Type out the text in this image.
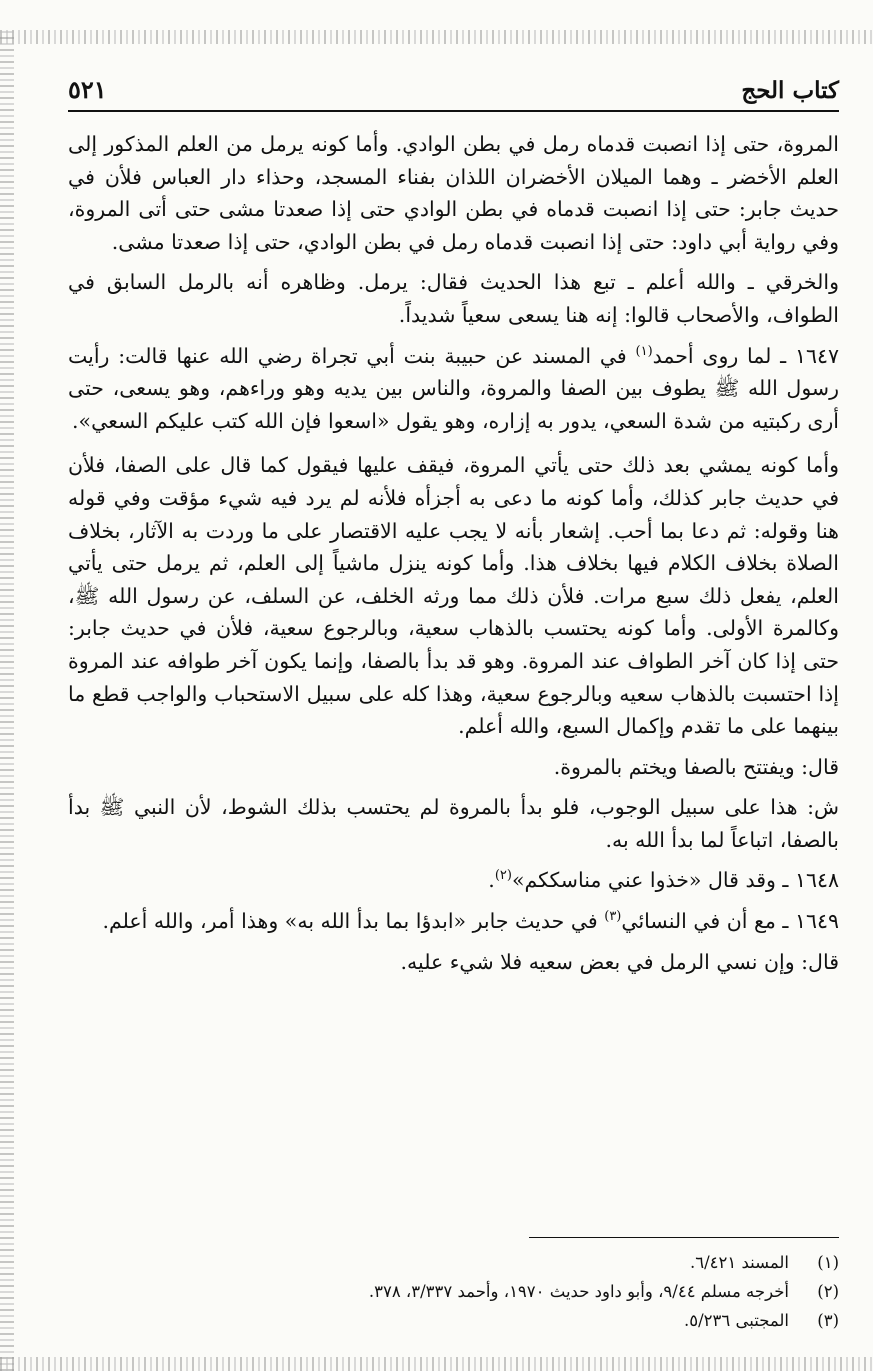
كتاب الحج
٥٢١

المروة، حتى إذا انصبت قدماه رمل في بطن الوادي. وأما كونه يرمل من العلم المذكور إلى العلم الأخضر ـ وهما الميلان الأخضران اللذان بفناء المسجد، وحذاء دار العباس فلأن في حديث جابر: حتى إذا انصبت قدماه في بطن الوادي حتى إذا صعدتا مشى حتى أتى المروة، وفي رواية أبي داود: حتى إذا انصبت قدماه رمل في بطن الوادي، حتى إذا صعدتا مشى.

والخرقي ـ والله أعلم ـ تبع هذا الحديث فقال: يرمل. وظاهره أنه بالرمل السابق في الطواف، والأصحاب قالوا: إنه هنا يسعى سعياً شديداً.

١٦٤٧ ـ لما روى أحمد$^{(١)}$ في المسند عن حبيبة بنت أبي تجراة رضي الله عنها قالت: رأيت رسول الله ﷺ يطوف بين الصفا والمروة، والناس بين يديه وهو وراءهم، وهو يسعى، حتى أرى ركبتيه من شدة السعي، يدور به إزاره، وهو يقول «اسعوا فإن الله كتب عليكم السعي».

وأما كونه يمشي بعد ذلك حتى يأتي المروة، فيقف عليها فيقول كما قال على الصفا، فلأن في حديث جابر كذلك، وأما كونه ما دعى به أجزأه فلأنه لم يرد فيه شيء مؤقت وفي قوله هنا وقوله: ثم دعا بما أحب. إشعار بأنه لا يجب عليه الاقتصار على ما وردت به الآثار، بخلاف الصلاة بخلاف الكلام فيها بخلاف هذا. وأما كونه ينزل ماشياً إلى العلم، ثم يرمل حتى يأتي العلم، يفعل ذلك سبع مرات. فلأن ذلك مما ورثه الخلف، عن السلف، عن رسول الله ﷺ، وكالمرة الأولى. وأما كونه يحتسب بالذهاب سعية، وبالرجوع سعية، فلأن في حديث جابر: حتى إذا كان آخر الطواف عند المروة. وهو قد بدأ بالصفا، وإنما يكون آخر طوافه عند المروة إذا احتسبت بالذهاب سعيه وبالرجوع سعية، وهذا كله على سبيل الاستحباب والواجب قطع ما بينهما على ما تقدم وإكمال السبع، والله أعلم.

قال: ويفتتح بالصفا ويختم بالمروة.

ش: هذا على سبيل الوجوب، فلو بدأ بالمروة لم يحتسب بذلك الشوط، لأن النبي ﷺ بدأ بالصفا، اتباعاً لما بدأ الله به.

١٦٤٨ ـ وقد قال «خذوا عني مناسككم»$^{(٢)}$.

١٦٤٩ ـ مع أن في النسائي$^{(٣)}$ في حديث جابر «ابدؤا بما بدأ الله به» وهذا أمر، والله أعلم.

قال: وإن نسي الرمل في بعض سعيه فلا شيء عليه.

(١)
المسند ٦/٤٢١.
(٢)
أخرجه مسلم ٩/٤٤، وأبو داود حديث ١٩٧٠، وأحمد ٣/٣٣٧، ٣٧٨.
(٣)
المجتبى ٥/٢٣٦.
